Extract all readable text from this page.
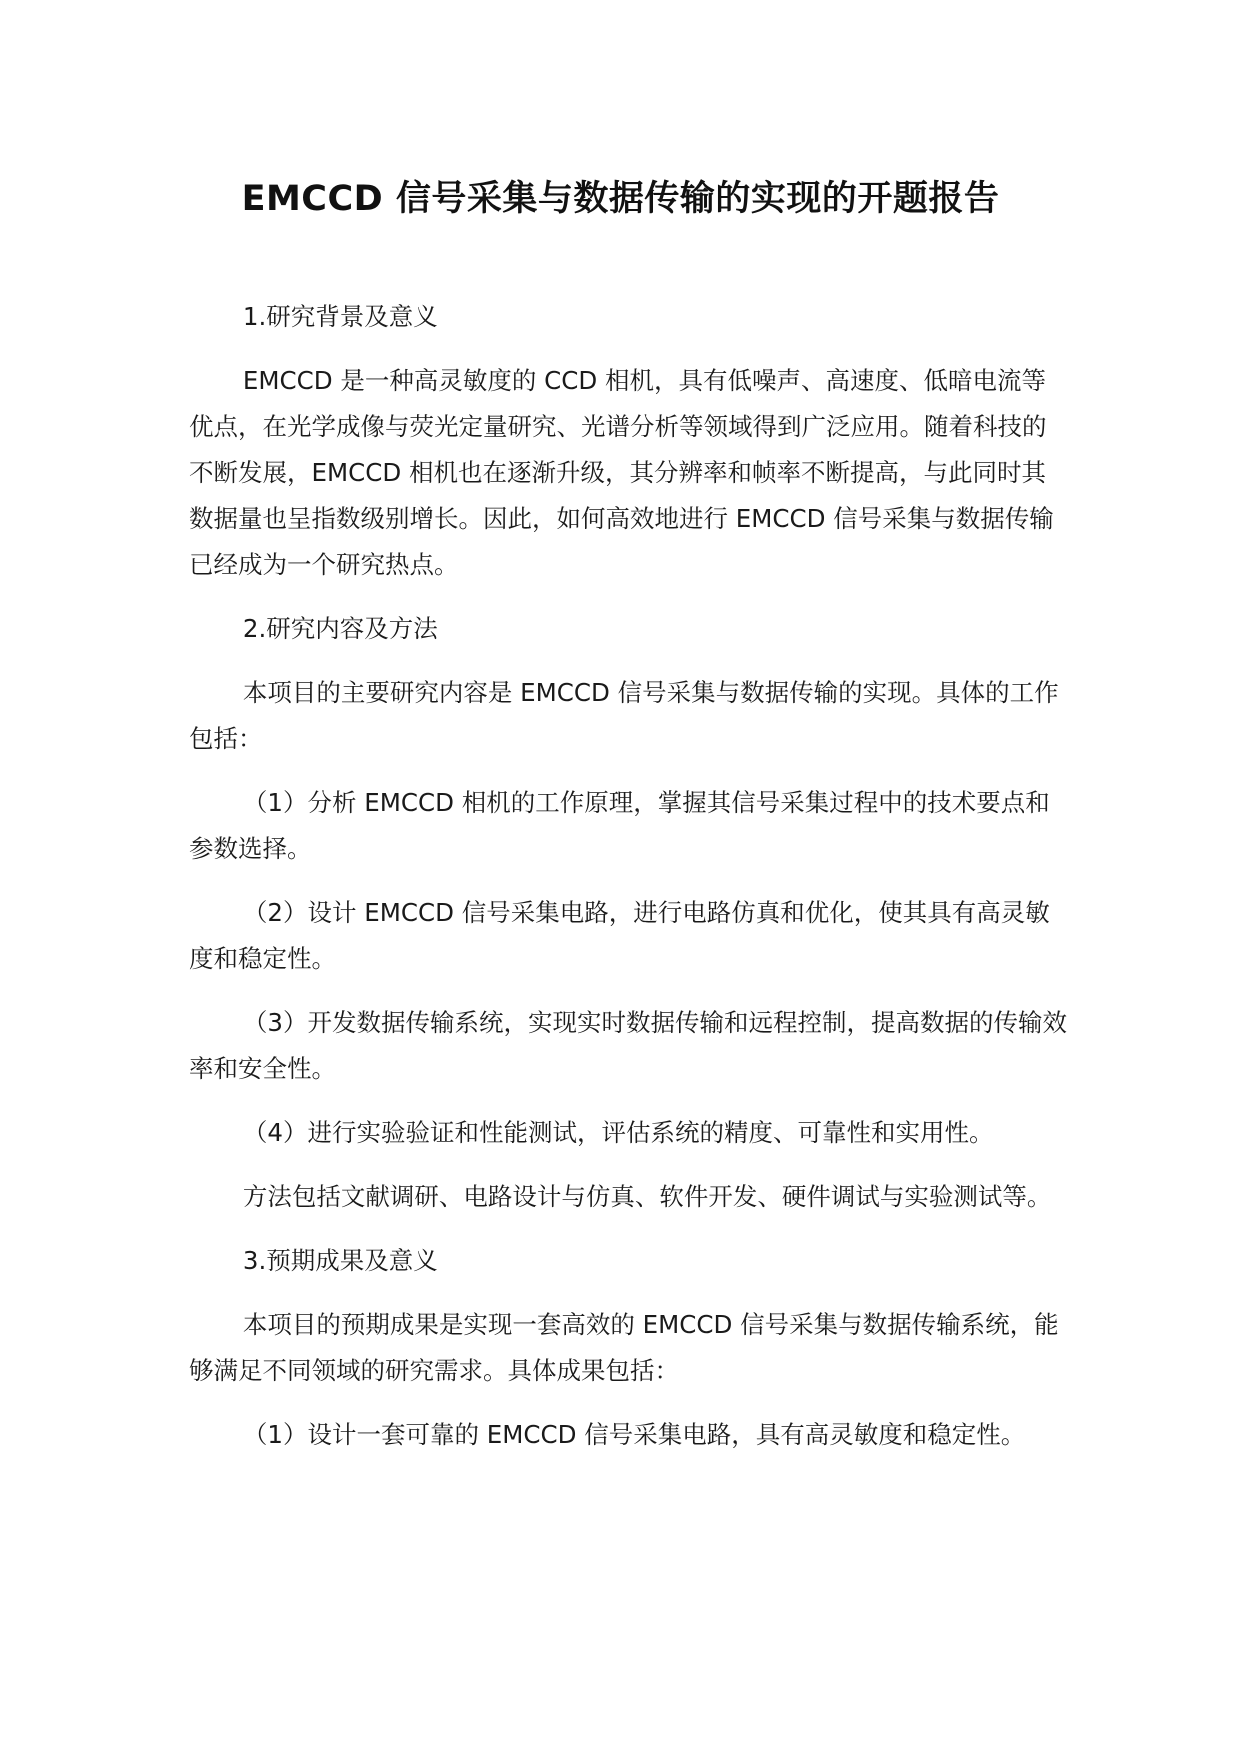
EMCCD 信号采集与数据传输的实现的开题报告

1.研究背景及意义

EMCCD 是一种高灵敏度的 CCD 相机，具有低噪声、高速度、低暗电流等优点，在光学成像与荧光定量研究、光谱分析等领域得到广泛应用。随着科技的不断发展，EMCCD 相机也在逐渐升级，其分辨率和帧率不断提高，与此同时其数据量也呈指数级别增长。因此，如何高效地进行 EMCCD 信号采集与数据传输已经成为一个研究热点。

2.研究内容及方法

本项目的主要研究内容是 EMCCD 信号采集与数据传输的实现。具体的工作包括：

（1）分析 EMCCD 相机的工作原理，掌握其信号采集过程中的技术要点和参数选择。

（2）设计 EMCCD 信号采集电路，进行电路仿真和优化，使其具有高灵敏度和稳定性。

（3）开发数据传输系统，实现实时数据传输和远程控制，提高数据的传输效率和安全性。

（4）进行实验验证和性能测试，评估系统的精度、可靠性和实用性。

方法包括文献调研、电路设计与仿真、软件开发、硬件调试与实验测试等。

3.预期成果及意义

本项目的预期成果是实现一套高效的 EMCCD 信号采集与数据传输系统，能够满足不同领域的研究需求。具体成果包括：

（1）设计一套可靠的 EMCCD 信号采集电路，具有高灵敏度和稳定性。
